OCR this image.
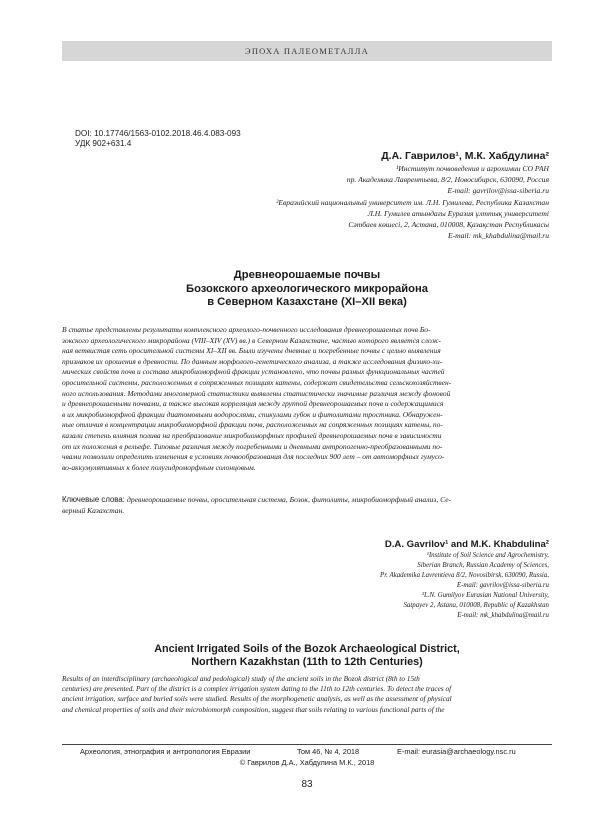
ЭПОХА ПАЛЕОМЕТАЛЛА
DOI: 10.17746/1563-0102.2018.46.4.083-093
УДК 902+631.4
Д.А. Гаврилов¹, М.К. Хабдулина²
¹Институт почвоведения и агрохимии СО РАН
пр. Академика Лаврентьева, 8/2, Новосибирск, 630090, Россия
E-mail: gavrilov@issa-siberia.ru
²Евразийский национальный университет им. Л.Н. Гумилева, Республика Казахстан
Л.Н. Гумилев атындағы Еуразия ұлттық университеті
Сәтбаев көшесі, 2, Астана, 010008, Қазақстан Республикасы
E-mail: mk_khabdulina@mail.ru
Древнеорошаемые почвы
Бозокского археологического микрорайона
в Северном Казахстане (XI–XII века)
В статье представлены результаты комплексного археолого-почвенного исследования древнеорошаемых почв Бо-
зокского археологического микрорайона (VIII–XIV (XV) вв.) в Северном Казахстане, частью которого является слож-
ная ветвистая сеть оросительной системы XI–XII вв. Были изучены дневные и погребенные почвы с целью выявления
признаков их орошения в древности. По данным морфолого-генетического анализа, а также исследования физико-хи-
мических свойств почв и состава микробиоморфной фракции установлено, что почвы разных функциональных частей
оросительной системы, расположенных в сопряженных позициях катены, содержат свидетельства сельскохозяйствен-
ного использования. Методами многомерной статистики выявлены статистически значимые различия между фоновой
и древнеорошаемыми почвами, а также высокая корреляция между группой древнеорошаемых почв и содержащимися
в их микробиоморфной фракции диатомовыми водорослями, спикулами губок и фитолитами тростника. Обнаружен-
ные отличия в концентрации микробиоморфной фракции почв, расположенных на сопряженных позициях катены, по-
казали степень влияния полива на преобразование микробиоморфных профилей древнеорошаемых почв в зависимости
от их положения в рельефе. Типовые различия между погребенными и дневными антропогенно-преобразованными по-
чвами позволили определить изменения в условиях почвообразования для последних 900 лет – от автоморфных гумусо-
во-аккумулятивных к более полугидроморфным солонцовым.
Ключевые слова: древнеорошаемые почвы, оросительная система, Бозок, фитолиты, микробиоморфный анализ, Се-
верный Казахстан.
D.A. Gavrilov¹ and M.K. Khabdulina²
¹Institute of Soil Science and Agrochemistry,
Siberian Branch, Russian Academy of Sciences,
Pr. Akademika Lavrentieva 8/2, Novosibirsk, 630090, Russia,
E-mail: gavrilov@issa-siberia.ru
²L.N. Gumilyov Eurasian National University,
Satpayev 2, Astana, 010008, Republic of Kazakhstan
E-mail: mk_khabdulina@mail.ru
Ancient Irrigated Soils of the Bozok Archaeological District,
Northern Kazakhstan (11th to 12th Centuries)
Results of an interdisciplinary (archaeological and pedological) study of the ancient soils in the Bozok district (8th to 15th
centuries) are presented. Part of the district is a complex irrigation system dating to the 11th to 12th centuries. To detect the traces of
ancient irrigation, surface and buried soils were studied. Results of the morphogenetic analysis, as well as the assessment of physical
and chemical properties of soils and their microbiomorph composition, suggest that soils relating to various functional parts of the
Археология, этнография и антропология Евразии	Том 46, № 4, 2018	E-mail: eurasia@archaeology.nsc.ru
© Гаврилов Д.А., Хабдулина М.К., 2018
83
